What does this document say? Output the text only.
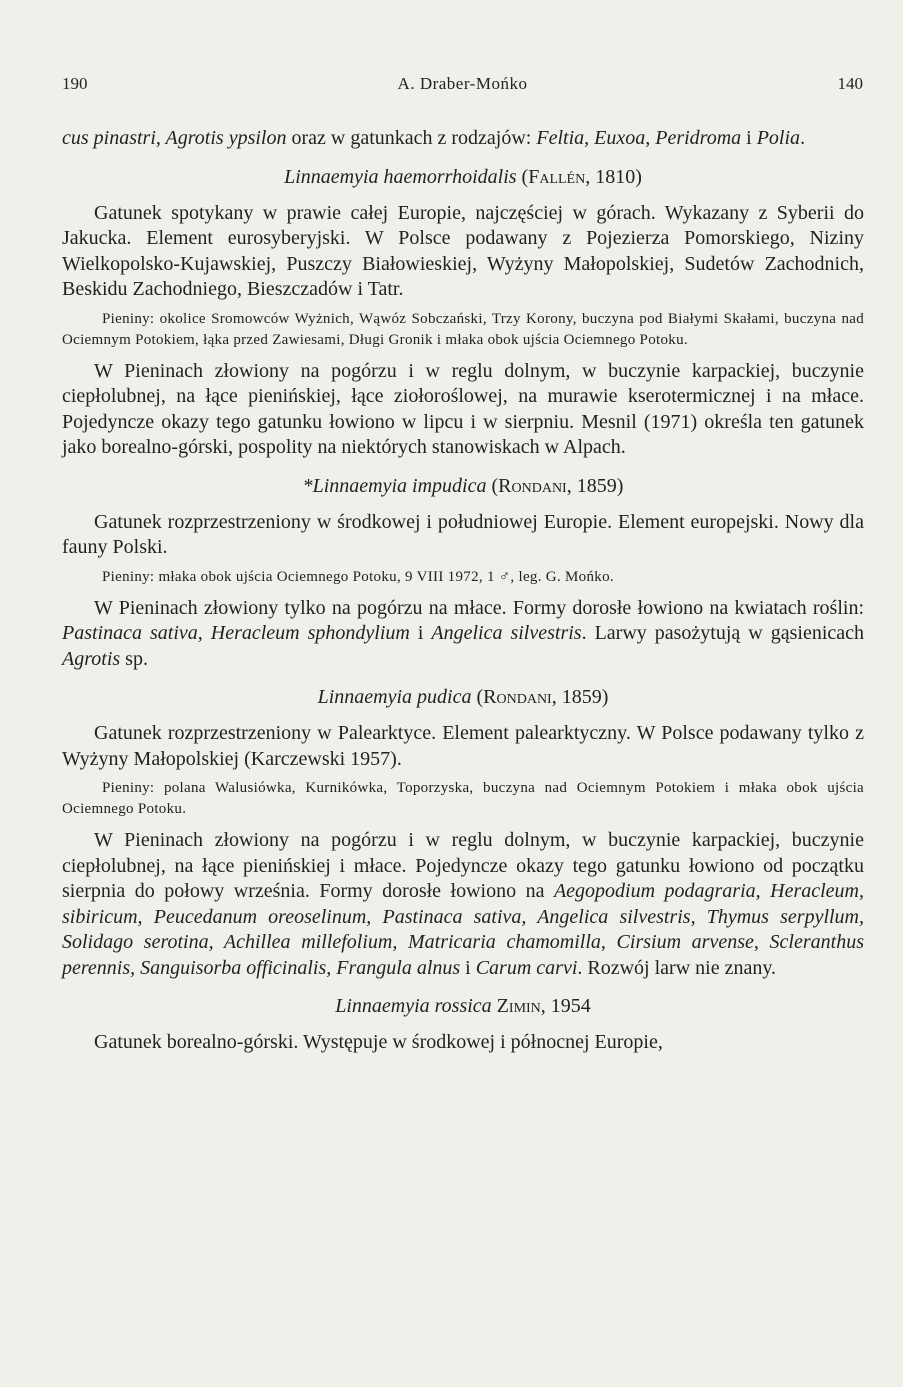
190	A. Draber-Mońko	140

cus pinastri, Agrotis ypsilon oraz w gatunkach z rodzajów: Feltia, Euxoa, Peridroma i Polia.

Linnaemyia haemorrhoidalis (Fallén, 1810)

Gatunek spotykany w prawie całej Europie, najczęściej w górach. Wykazany z Syberii do Jakucka. Element eurosyberyjski. W Polsce podawany z Pojezierza Pomorskiego, Niziny Wielkopolsko-Kujawskiej, Puszczy Białowieskiej, Wyżyny Małopolskiej, Sudetów Zachodnich, Beskidu Zachodniego, Bieszczadów i Tatr.

Pieniny: okolice Sromowców Wyżnich, Wąwóz Sobczański, Trzy Korony, buczyna pod Białymi Skałami, buczyna nad Ociemnym Potokiem, łąka przed Zawiesami, Długi Gronik i młaka obok ujścia Ociemnego Potoku.

W Pieninach złowiony na pogórzu i w reglu dolnym, w buczynie karpackiej, buczynie ciepłolubnej, na łące pienińskiej, łące ziołoroślowej, na murawie kserotermicznej i na młace. Pojedyncze okazy tego gatunku łowiono w lipcu i w sierpniu. Mesnil (1971) określa ten gatunek jako borealno-górski, pospolity na niektórych stanowiskach w Alpach.

*Linnaemyia impudica (Rondani, 1859)

Gatunek rozprzestrzeniony w środkowej i południowej Europie. Element europejski. Nowy dla fauny Polski.

Pieniny: młaka obok ujścia Ociemnego Potoku, 9 VIII 1972, 1 ♂, leg. G. Mońko.

W Pieninach złowiony tylko na pogórzu na młace. Formy dorosłe łowiono na kwiatach roślin: Pastinaca sativa, Heracleum sphondylium i Angelica silvestris. Larwy pasożytują w gąsienicach Agrotis sp.

Linnaemyia pudica (Rondani, 1859)

Gatunek rozprzestrzeniony w Palearktyce. Element palearktyczny. W Polsce podawany tylko z Wyżyny Małopolskiej (Karczewski 1957).

Pieniny: polana Walusiówka, Kurnikówka, Toporzyska, buczyna nad Ociemnym Potokiem i młaka obok ujścia Ociemnego Potoku.

W Pieninach złowiony na pogórzu i w reglu dolnym, w buczynie karpackiej, buczynie ciepłolubnej, na łące pienińskiej i młace. Pojedyncze okazy tego gatunku łowiono od początku sierpnia do połowy września. Formy dorosłe łowiono na Aegopodium podagraria, Heracleum, sibiricum, Peucedanum oreoselinum, Pastinaca sativa, Angelica silvestris, Thymus serpyllum, Solidago serotina, Achillea millefolium, Matricaria chamomilla, Cirsium arvense, Scleranthus perennis, Sanguisorba officinalis, Frangula alnus i Carum carvi. Rozwój larw nie znany.

Linnaemyia rossica Zimin, 1954

Gatunek borealno-górski. Występuje w środkowej i północnej Europie,
